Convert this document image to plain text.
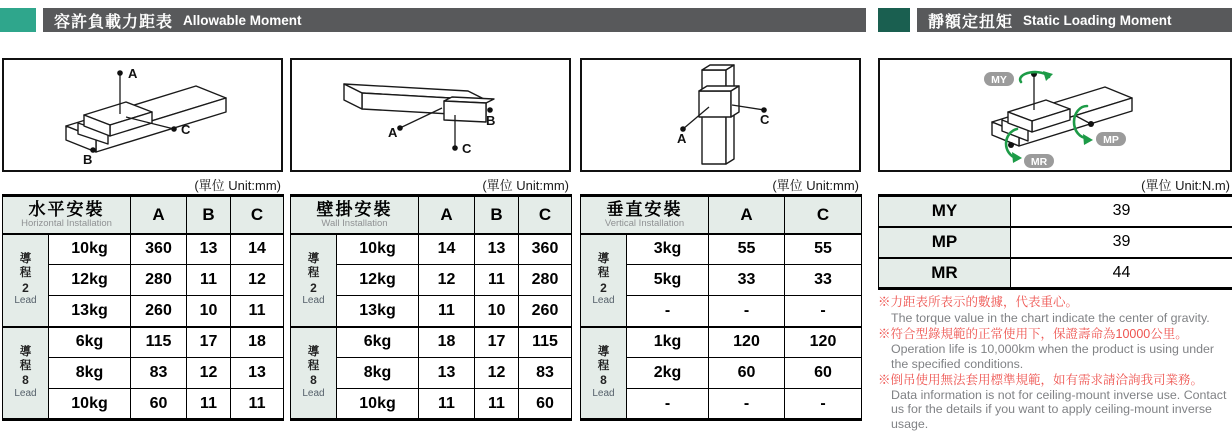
容許負載力距表 Allowable Moment	靜額定扭矩 Static Loading Moment
A
C
B
(單位 Unit:mm)
水平安裝
Horizontal Installation		A	B	C

導
程
2
Lead	10kg	360	13	14
	12kg	280	11	12
	13kg	260	10	11

導
程
8
Lead	6kg	115	17	18
	8kg	83	12	13
	10kg	60	11	11
A
C
B
(單位 Unit:mm)
壁掛安裝
Wall Installation		A	B	C

導
程
2
Lead	10kg	14	13	360
	12kg	12	11	280
	13kg	11	10	260

導
程
8
Lead	6kg	18	17	115
	8kg	13	12	83
	10kg	11	11	60
C
A
(單位 Unit:mm)
垂直安裝
Vertical Installation		A	C

導
程
2
Lead	3kg	55	55
	5kg	33	33
	-	-	-

導
程
8
Lead	1kg	120	120
	2kg	60	60
	-	-	-
MY
MP
MR
(單位 Unit:N.m)
MY	39
MP	39
MR	44
※力距表所表示的數據，代表重心。
The torque value in the chart indicate the center of gravity.
※符合型錄規範的正常使用下，保證壽命為10000公里。
Operation life is 10,000km when the product is using under the specified conditions.
※倒吊使用無法套用標準規範，如有需求請洽詢我司業務。
Data information is not for ceiling-mount inverse use. Contact us for the details if you want to apply ceiling-mount inverse usage.
